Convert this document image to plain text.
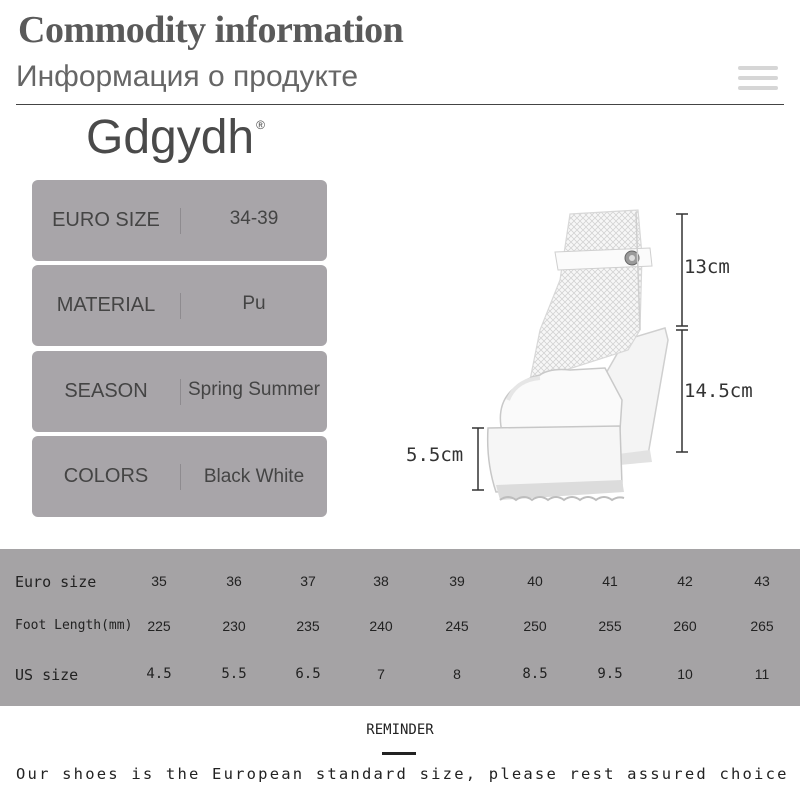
Commodity information
Информация о продукте
Gdgydh ®
EURO SIZE	34-39
MATERIAL	Pu
SEASON	Spring Summer
COLORS	Black White
13cm
14.5cm
5.5cm
Euro size	35	36	37	38	39	40	41	42	43
Foot Length(mm)	225	230	235	240	245	250	255	260	265
US size	4.5	5.5	6.5	7	8	8.5	9.5	10	11
REMINDER
Our shoes is the European standard size, please rest assured choice
